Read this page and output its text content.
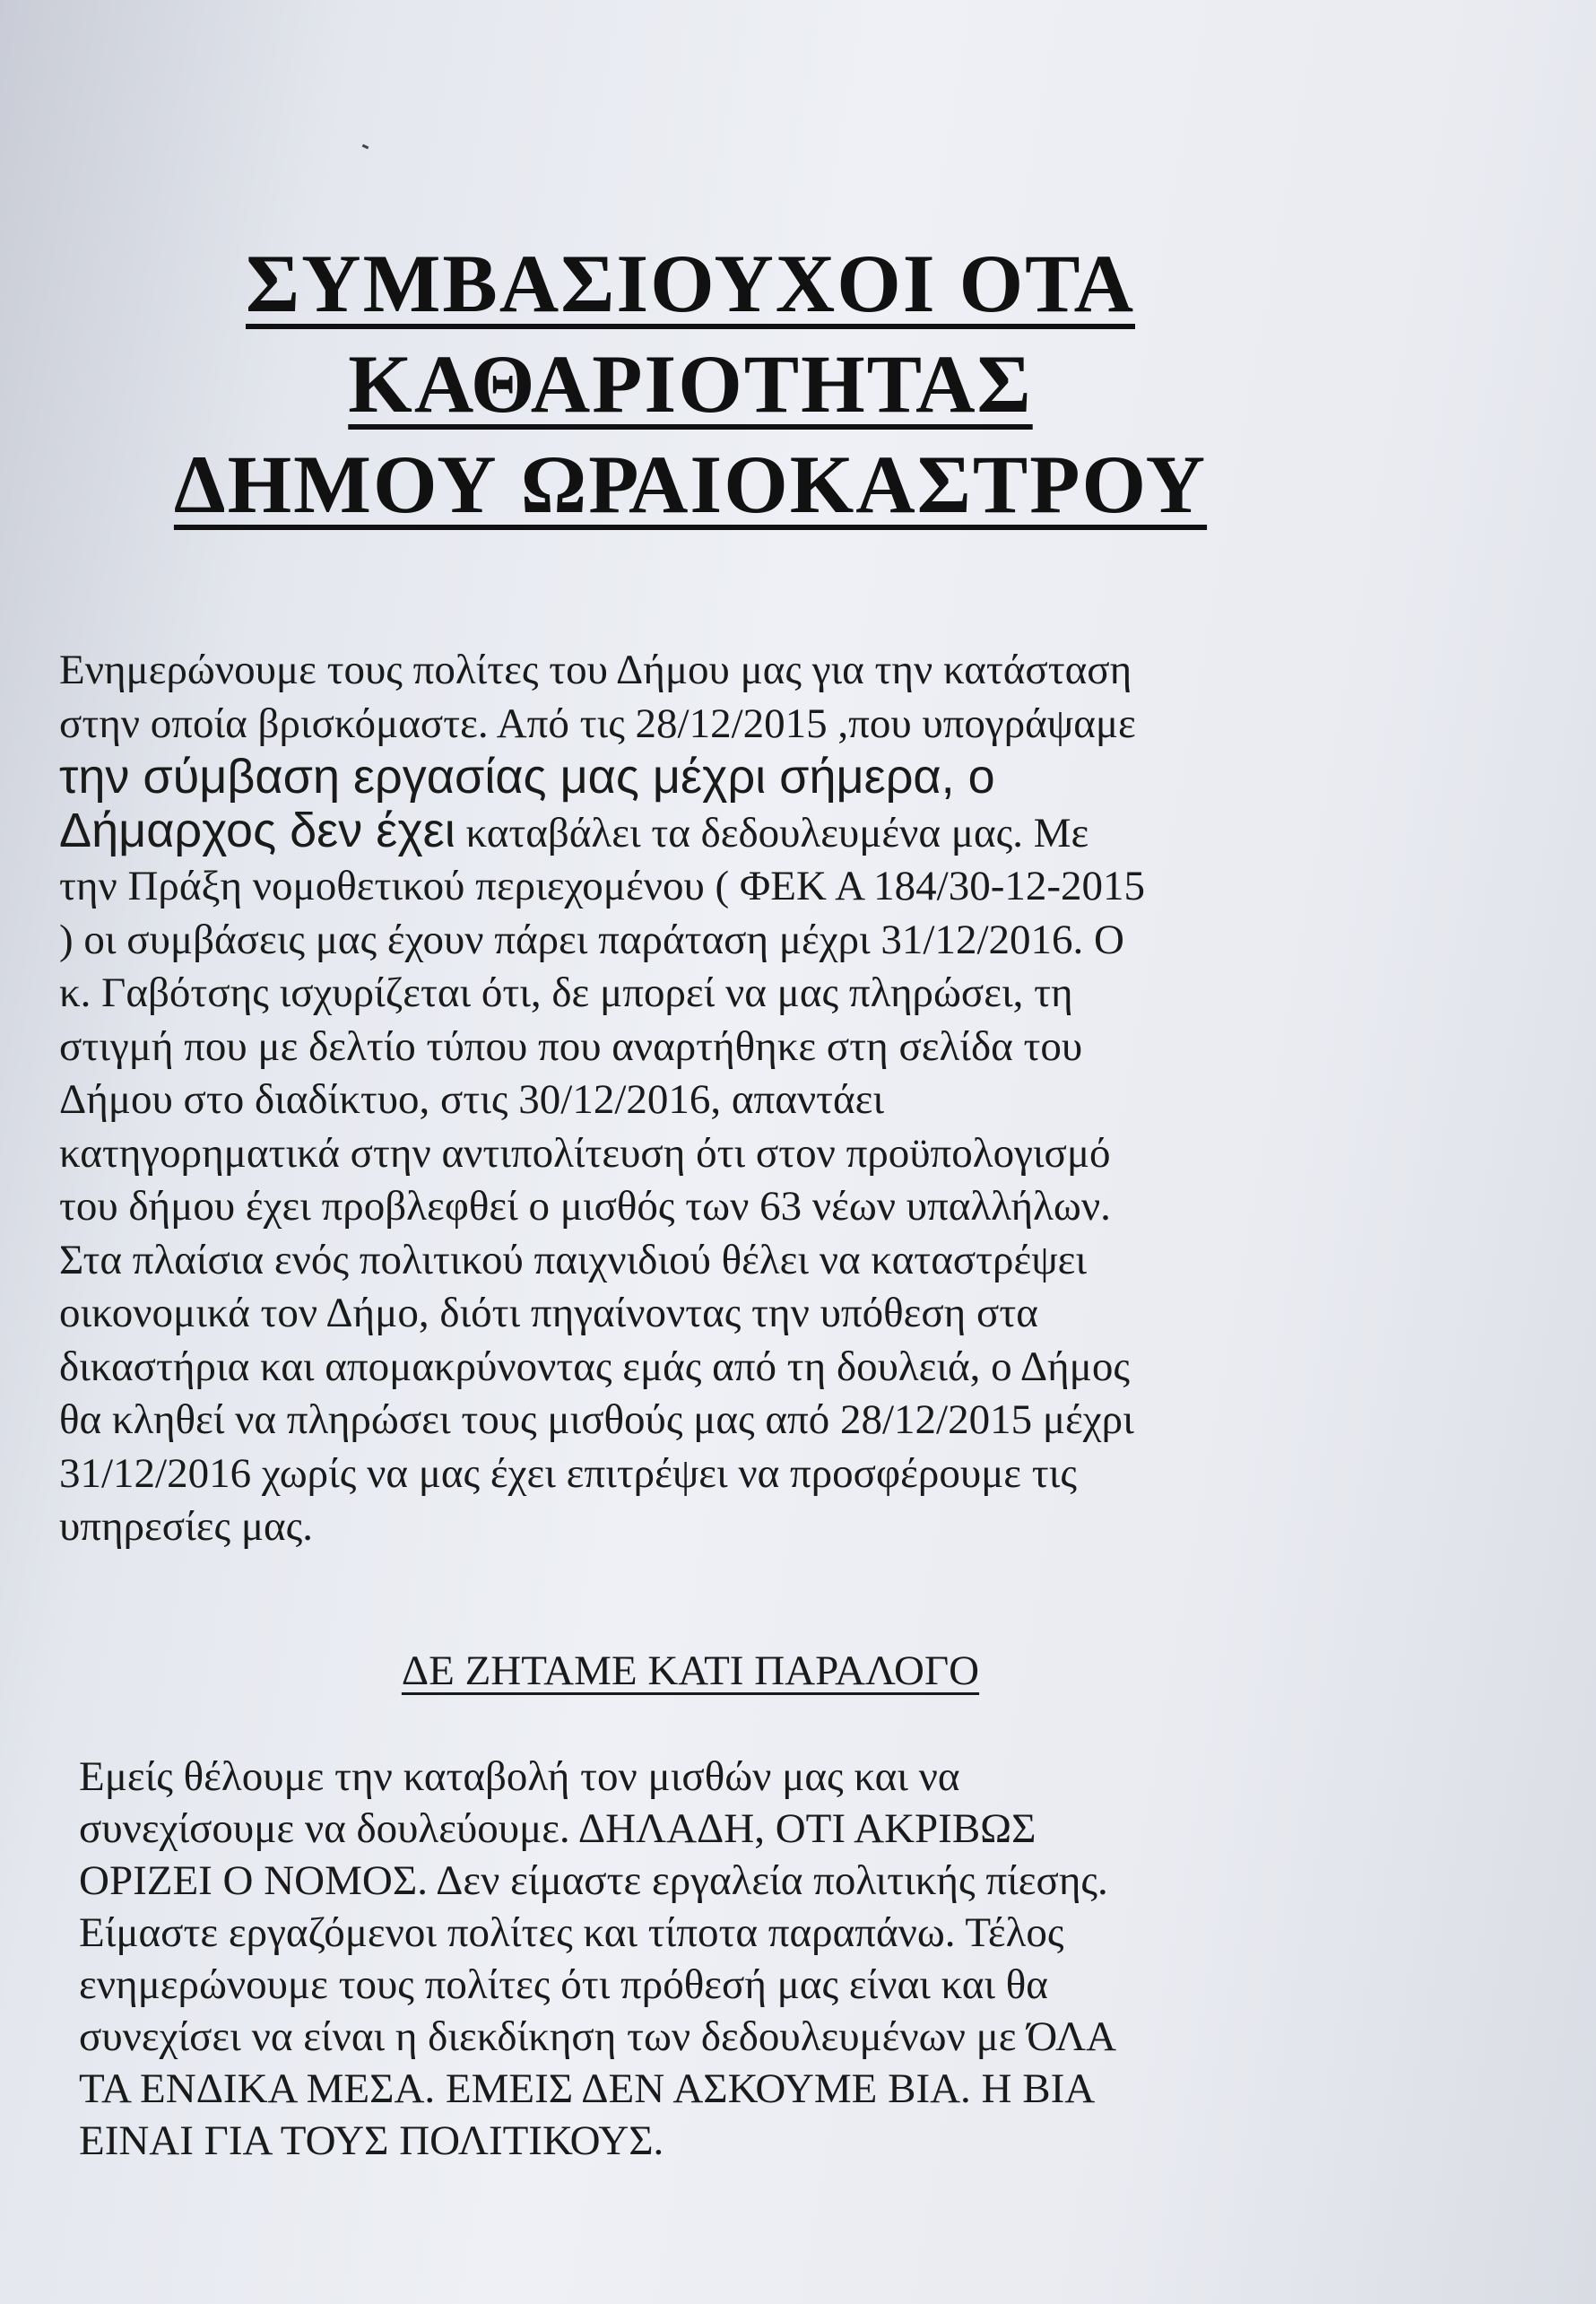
ΣΥΜΒΑΣΙΟΥΧΟΙ ΟΤΑ
ΚΑΘΑΡΙΟΤΗΤΑΣ
ΔΗΜΟΥ ΩΡΑΙΟΚΑΣΤΡΟΥ
Ενημερώνουμε τους πολίτες του Δήμου μας για την κατάσταση
στην οποία βρισκόμαστε. Από τις 28/12/2015 ,που υπογράψαμε
την σύμβαση εργασίας μας μέχρι σήμερα, ο
Δήμαρχος δεν έχει καταβάλει τα δεδουλευμένα μας. Με
την Πράξη νομοθετικού περιεχομένου ( ΦΕΚ Α 184/30-12-2015
) οι συμβάσεις μας έχουν πάρει παράταση μέχρι 31/12/2016. Ο
κ. Γαβότσης ισχυρίζεται ότι, δε μπορεί να μας πληρώσει, τη
στιγμή που με δελτίο τύπου που αναρτήθηκε στη σελίδα του
Δήμου στο διαδίκτυο, στις 30/12/2016, απαντάει
κατηγορηματικά στην αντιπολίτευση ότι στον προϋπολογισμό
του δήμου έχει προβλεφθεί ο μισθός των 63 νέων υπαλλήλων.
Στα πλαίσια ενός πολιτικού παιχνιδιού θέλει να καταστρέψει
οικονομικά τον Δήμο, διότι πηγαίνοντας την υπόθεση στα
δικαστήρια και απομακρύνοντας εμάς από τη δουλειά, ο Δήμος
θα κληθεί να πληρώσει τους μισθούς μας από 28/12/2015 μέχρι
31/12/2016 χωρίς να μας έχει επιτρέψει να προσφέρουμε τις
υπηρεσίες μας.
ΔΕ ΖΗΤΑΜΕ ΚΑΤΙ ΠΑΡΑΛΟΓΟ
Εμείς θέλουμε την καταβολή τον μισθών μας και να
συνεχίσουμε να δουλεύουμε. ΔΗΛΑΔΗ, ΟΤΙ ΑΚΡΙΒΩΣ
ΟΡΙΖΕΙ Ο ΝΟΜΟΣ. Δεν είμαστε εργαλεία πολιτικής πίεσης.
Είμαστε εργαζόμενοι πολίτες και τίποτα παραπάνω. Τέλος
ενημερώνουμε τους πολίτες ότι πρόθεσή μας είναι και θα
συνεχίσει να είναι η διεκδίκηση των δεδουλευμένων με ΌΛΑ
ΤΑ ΕΝΔΙΚΑ ΜΕΣΑ. ΕΜΕΙΣ ΔΕΝ ΑΣΚΟΥΜΕ ΒΙΑ. Η ΒΙΑ
ΕΙΝΑΙ ΓΙΑ ΤΟΥΣ ΠΟΛΙΤΙΚΟΥΣ.
